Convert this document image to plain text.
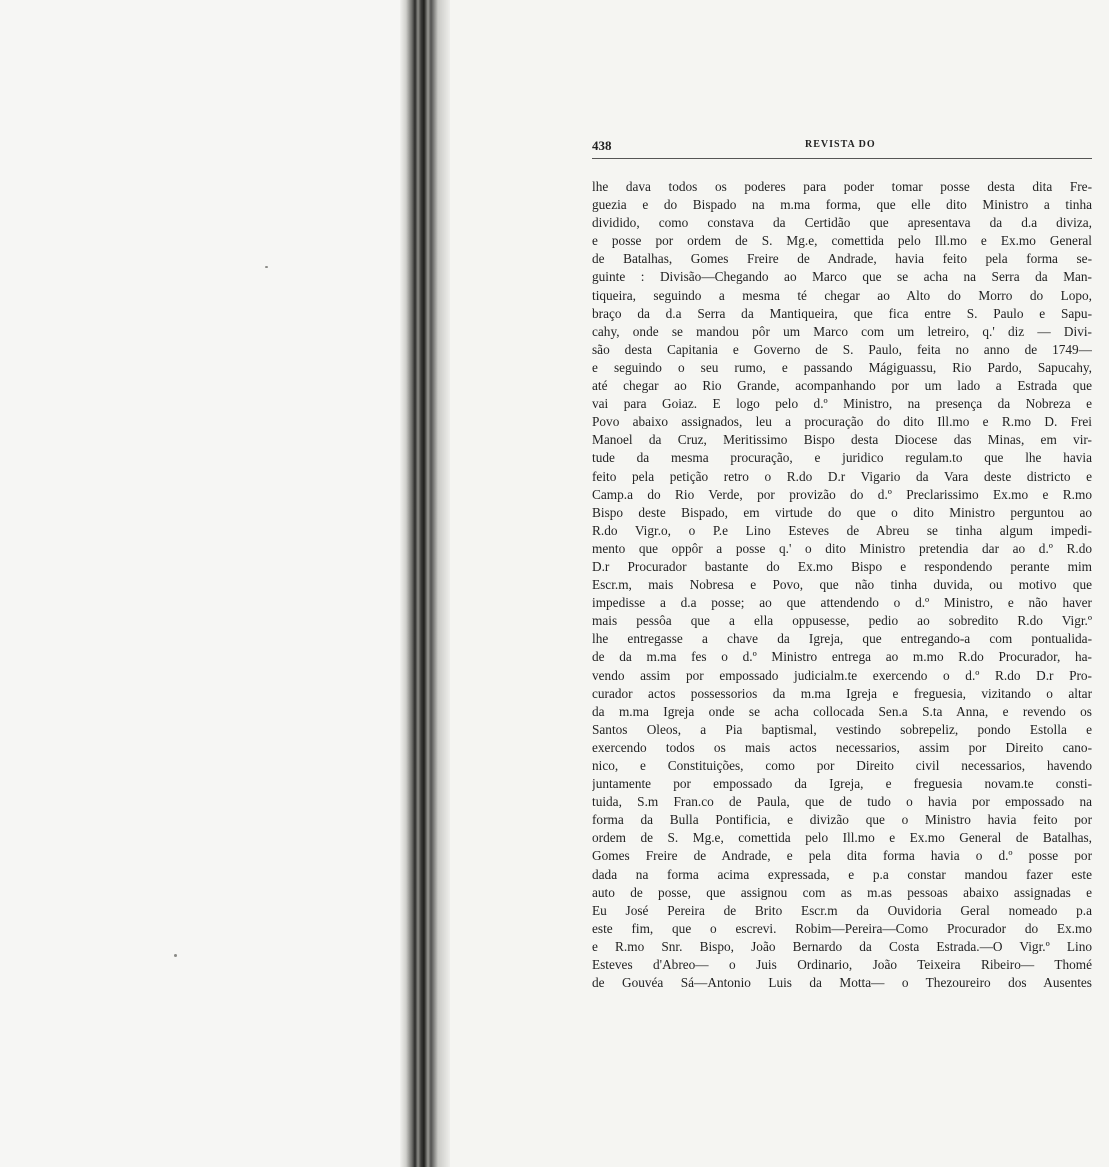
438	REVISTA DO
lhe dava todos os poderes para poder tomar posse desta dita Fre-
guezia e do Bispado na m.ma forma, que elle dito Ministro a tinha
dividido, como constava da Certidão que apresentava da d.a diviza,
e posse por ordem de S. Mg.e, comettida pelo Ill.mo e Ex.mo General
de Batalhas, Gomes Freire de Andrade, havia feito pela forma se-
guinte : Divisão—Chegando ao Marco que se acha na Serra da Man-
tiqueira, seguindo a mesma té chegar ao Alto do Morro do Lopo,
braço da d.a Serra da Mantiqueira, que fica entre S. Paulo e Sapu-
cahy, onde se mandou pôr um Marco com um letreiro, q.' diz — Divi-
são desta Capitania e Governo de S. Paulo, feita no anno de 1749—
e seguindo o seu rumo, e passando Mágiguassu, Rio Pardo, Sapucahy,
até chegar ao Rio Grande, acompanhando por um lado a Estrada que
vai para Goiaz. E logo pelo d.º Ministro, na presença da Nobreza e
Povo abaixo assignados, leu a procuração do dito Ill.mo e R.mo D. Frei
Manoel da Cruz, Meritissimo Bispo desta Diocese das Minas, em vir-
tude da mesma procuração, e juridico regulam.to que lhe havia
feito pela petição retro o R.do D.r Vigario da Vara deste districto e
Camp.a do Rio Verde, por provizão do d.º Preclarissimo Ex.mo e R.mo
Bispo deste Bispado, em virtude do que o dito Ministro perguntou ao
R.do Vigr.o, o P.e Lino Esteves de Abreu se tinha algum impedi-
mento que oppôr a posse q.' o dito Ministro pretendia dar ao d.º R.do
D.r Procurador bastante do Ex.mo Bispo e respondendo perante mim
Escr.m, mais Nobresa e Povo, que não tinha duvida, ou motivo que
impedisse a d.a posse; ao que attendendo o d.º Ministro, e não haver
mais pessôa que a ella oppusesse, pedio ao sobredito R.do Vigr.º
lhe entregasse a chave da Igreja, que entregando-a com pontualida-
de da m.ma fes o d.º Ministro entrega ao m.mo R.do Procurador, ha-
vendo assim por empossado judicialm.te exercendo o d.º R.do D.r Pro-
curador actos possessorios da m.ma Igreja e freguesia, vizitando o altar
da m.ma Igreja onde se acha collocada Sen.a S.ta Anna, e revendo os
Santos Oleos, a Pia baptismal, vestindo sobrepeliz, pondo Estolla e
exercendo todos os mais actos necessarios, assim por Direito cano-
nico, e Constituições, como por Direito civil necessarios, havendo
juntamente por empossado da Igreja, e freguesia novam.te consti-
tuida, S.m Fran.co de Paula, que de tudo o havia por empossado na
forma da Bulla Pontificia, e divizão que o Ministro havia feito por
ordem de S. Mg.e, comettida pelo Ill.mo e Ex.mo General de Batalhas,
Gomes Freire de Andrade, e pela dita forma havia o d.º posse por
dada na forma acima expressada, e p.a constar mandou fazer este
auto de posse, que assignou com as m.as pessoas abaixo assignadas e
Eu José Pereira de Brito Escr.m da Ouvidoria Geral nomeado p.a
este fim, que o escrevi. Robim—Pereira—Como Procurador do Ex.mo
e R.mo Snr. Bispo, João Bernardo da Costa Estrada.—O Vigr.º Lino
Esteves d'Abreo— o Juis Ordinario, João Teixeira Ribeiro— Thomé
de Gouvéa Sá—Antonio Luis da Motta— o Thezoureiro dos Ausentes
